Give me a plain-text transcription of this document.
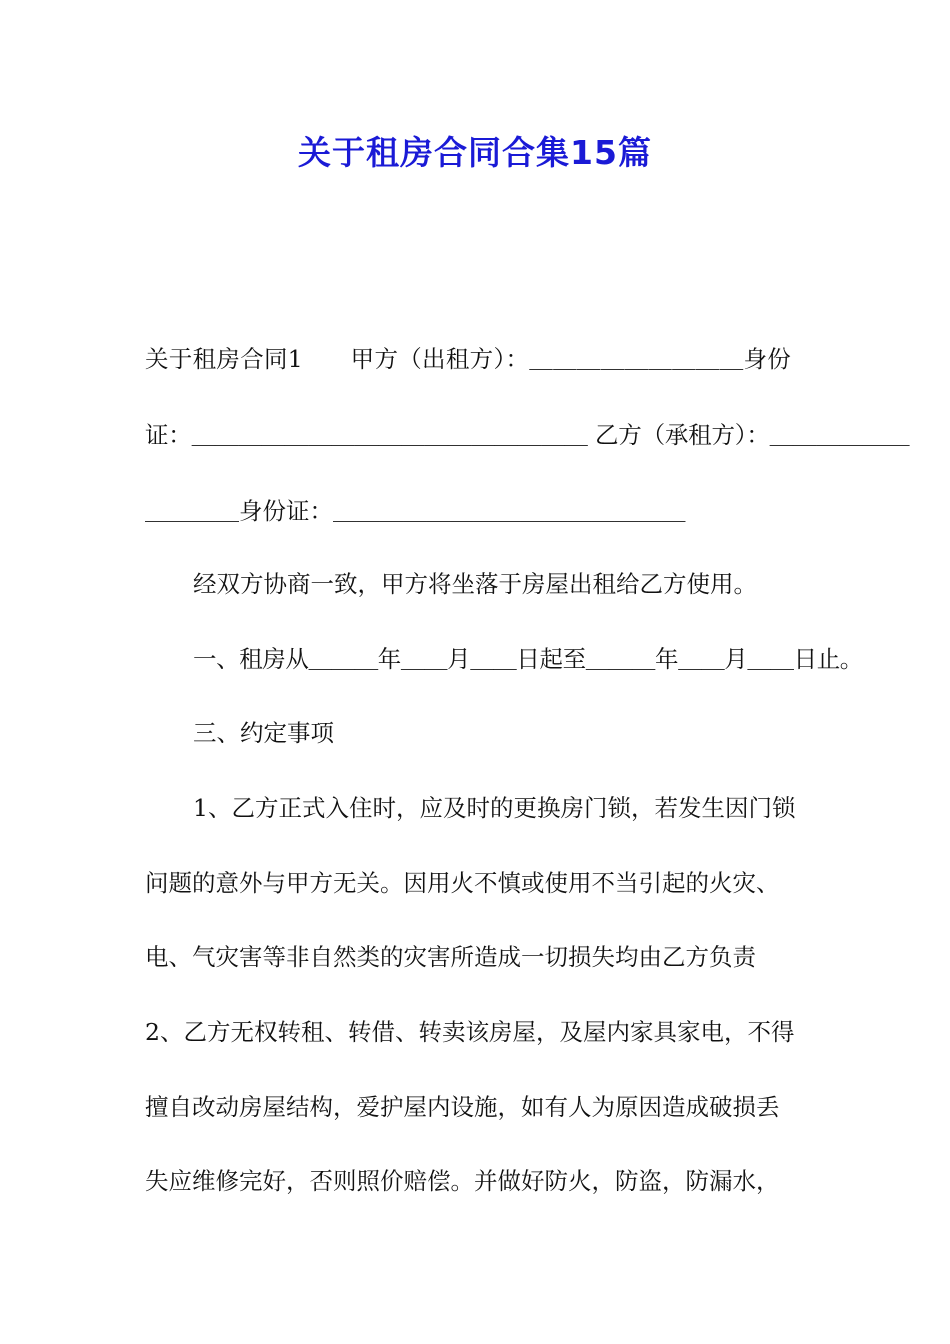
关于租房合同合集15篇

关于租房合同1　　甲方（出租方）：＿＿＿＿＿＿＿＿＿身份

证：＿＿＿＿＿＿＿＿＿＿＿＿＿＿＿＿＿ 乙方（承租方）：＿＿＿＿＿＿

＿＿＿＿身份证：＿＿＿＿＿＿＿＿＿＿＿＿＿＿＿

经双方协商一致，甲方将坐落于房屋出租给乙方使用。

一、租房从＿＿＿年＿＿月＿＿日起至＿＿＿年＿＿月＿＿日止。

三、约定事项

1、乙方正式入住时，应及时的更换房门锁，若发生因门锁

问题的意外与甲方无关。因用火不慎或使用不当引起的火灾、

电、气灾害等非自然类的灾害所造成一切损失均由乙方负责

2、乙方无权转租、转借、转卖该房屋，及屋内家具家电，不得

擅自改动房屋结构，爱护屋内设施，如有人为原因造成破损丢

失应维修完好，否则照价赔偿。并做好防火，防盗，防漏水，
